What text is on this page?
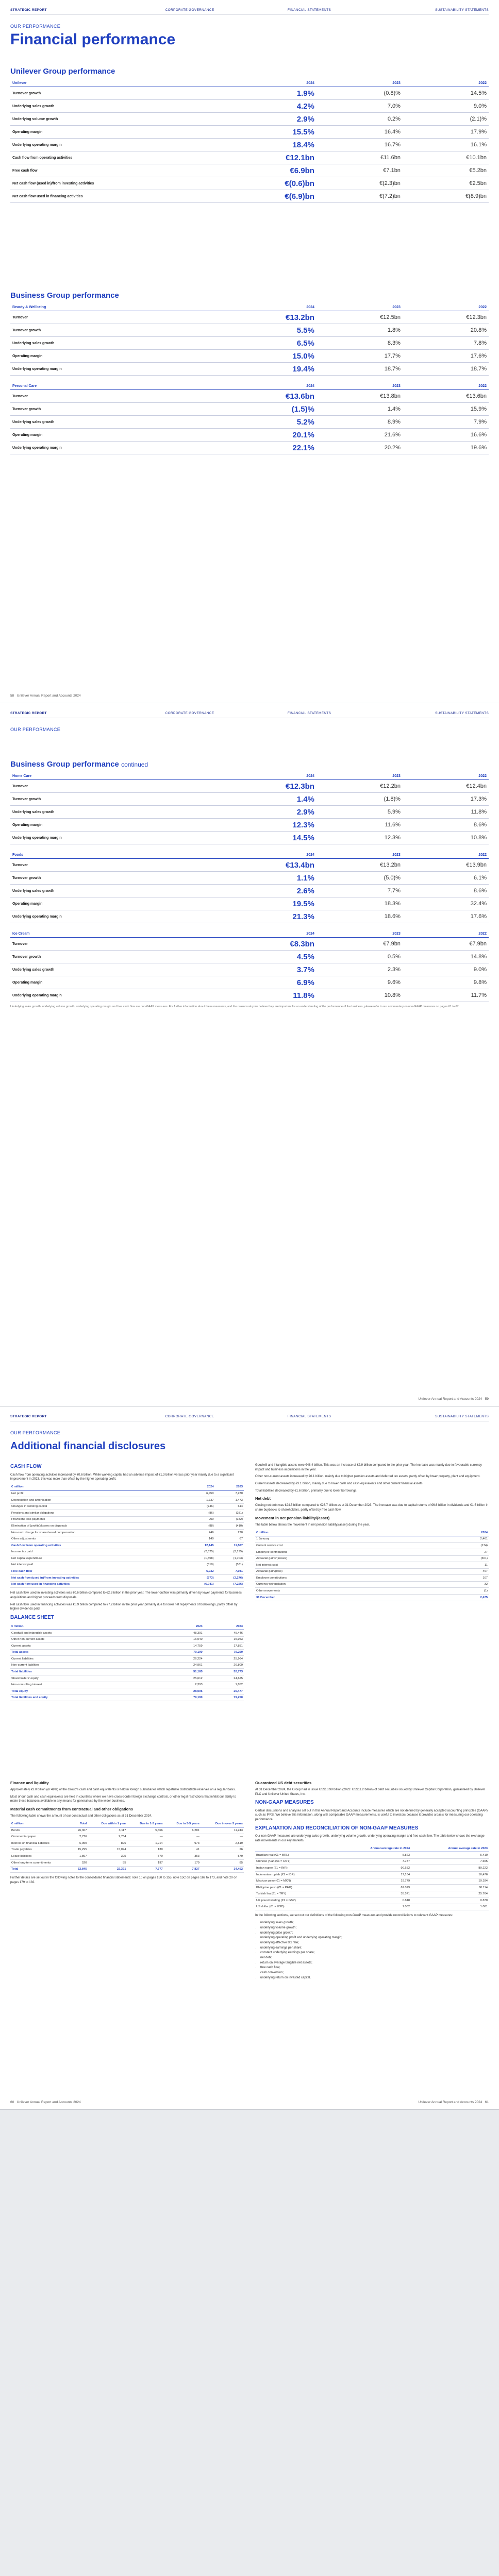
STRATEGIC REPORT	CORPORATE GOVERNANCE	FINANCIAL STATEMENTS	SUSTAINABILITY STATEMENTS
OUR PERFORMANCE
Financial performance
Unilever Group performance
Unilever	2024	2023	2022
Turnover growth	1.9%	(0.8)%	14.5%
Underlying sales growth	4.2%	7.0%	9.0%
Underlying volume growth	2.9%	0.2%	(2.1)%
Operating margin	15.5%	16.4%	17.9%
Underlying operating margin	18.4%	16.7%	16.1%
Cash flow from operating activities	€12.1bn	€11.6bn	€10.1bn
Free cash flow	€6.9bn	€7.1bn	€5.2bn
Net cash flow (used in)/from investing activities	€(0.6)bn	€(2.3)bn	€2.5bn
Net cash flow used in financing activities	€(6.9)bn	€(7.2)bn	€(8.9)bn
Business Group performance
Beauty & Wellbeing	2024	2023	2022
Turnover	€13.2bn	€12.5bn	€12.3bn
Turnover growth	5.5%	1.8%	20.8%
Underlying sales growth	6.5%	8.3%	7.8%
Operating margin	15.0%	17.7%	17.6%
Underlying operating margin	19.4%	18.7%	18.7%
Personal Care	2024	2023	2022
Turnover	€13.6bn	€13.8bn	€13.6bn
Turnover growth	(1.5)%	1.4%	15.9%
Underlying sales growth	5.2%	8.9%	7.9%
Operating margin	20.1%	21.6%	16.6%
Underlying operating margin	22.1%	20.2%	19.6%
58 Unilever Annual Report and Accounts 2024
STRATEGIC REPORT	CORPORATE GOVERNANCE	FINANCIAL STATEMENTS	SUSTAINABILITY STATEMENTS
OUR PERFORMANCE
Business Group performance continued
Home Care	2024	2023	2022
Turnover	€12.3bn	€12.2bn	€12.4bn
Turnover growth	1.4%	(1.8)%	17.3%
Underlying sales growth	2.9%	5.9%	11.8%
Operating margin	12.3%	11.6%	8.6%
Underlying operating margin	14.5%	12.3%	10.8%
Foods	2024	2023	2022
Turnover	€13.4bn	€13.2bn	€13.9bn
Turnover growth	1.1%	(5.0)%	6.1%
Underlying sales growth	2.6%	7.7%	8.6%
Operating margin	19.5%	18.3%	32.4%
Underlying operating margin	21.3%	18.6%	17.6%
Ice Cream	2024	2023	2022
Turnover	€8.3bn	€7.9bn	€7.9bn
Turnover growth	4.5%	0.5%	14.8%
Underlying sales growth	3.7%	2.3%	9.0%
Operating margin	6.9%	9.6%	9.8%
Underlying operating margin	11.8%	10.8%	11.7%
Underlying sales growth, underlying volume growth, underlying operating margin and free cash flow are non-GAAP measures. For further information about these measures, and the reasons why we believe they are important for an understanding of the performance of the business, please refer to our commentary on non-GAAP measures on pages 61 to 67.
Unilever Annual Report and Accounts 2024 59
STRATEGIC REPORT	CORPORATE GOVERNANCE	FINANCIAL STATEMENTS	SUSTAINABILITY STATEMENTS
OUR PERFORMANCE
Additional financial disclosures
CASH FLOW

Cash flow from operating activities increased by €0.6 billion. While working capital had an adverse impact of €1.3 billion versus prior year mainly due to a significant improvement in 2023, this was more than offset by the higher operating profit.

€ million	2024	2023
Net profit	6,450	7,230
Depreciation and amortisation	1,737	1,473
Changes in working capital	(746)	614
Pensions and similar obligations	(86)	(281)
Provisions less payments	200	(182)
Elimination of (profits)/losses on disposals	(88)	(410)
Non-cash charge for share-based compensation	246	270
Other adjustments	140	67
Cash flow from operating activities	12,145	11,567
Income tax paid	(2,625)	(2,195)
Net capital expenditure	(1,358)	(1,703)
Net interest paid	(610)	(531)
Free cash flow	6,932	7,081
Net cash flow (used in)/from investing activities	(573)	(2,276)
Net cash flow used in financing activities	(6,941)	(7,226)

Net cash flow used in investing activities was €0.6 billion compared to €2.3 billion in the prior year. The lower outflow was primarily driven by lower payments for business acquisitions and higher proceeds from disposals.

Net cash flow used in financing activities was €6.9 billion compared to €7.2 billion in the prior year primarily due to lower net repayments of borrowings, partly offset by higher dividends paid.

BALANCE SHEET
€ million	2024	2023
Goodwill and intangible assets	48,391	45,446
Other non-current assets	16,040	15,953
Current assets	14,759	17,851
Total assets	79,190	79,250
Current liabilities	26,224	25,964
Non-current liabilities	24,961	26,809
Total liabilities	51,185	52,773
Shareholders' equity	25,612	24,625
Non-controlling interest	2,393	1,852
Total equity	28,005	26,477
Total liabilities and equity	79,190	79,250

Goodwill and intangible assets were €48.4 billion. This was an increase of €2.9 billion compared to the prior year. The increase was mainly due to favourable currency impact and business acquisitions in the year.

Other non-current assets increased by €0.1 billion, mainly due to higher pension assets and deferred tax assets, partly offset by lower property, plant and equipment.

Current assets decreased by €3.1 billion, mainly due to lower cash and cash equivalents and other current financial assets.

Total liabilities decreased by €1.6 billion, primarily due to lower borrowings.

Net debt

Closing net debt was €24.5 billion compared to €23.7 billion as at 31 December 2023. The increase was due to capital returns of €6.6 billion in dividends and €1.5 billion in share buybacks to shareholders, partly offset by free cash flow.

Movement in net pension liability/(asset)

The table below shows the movement in net pension liability/(asset) during the year.

€ million	2024
1 January	2,461
Current service cost	(174)
Employee contributions	27
Actuarial gains/(losses)	(301)
Net interest cost	11
Actuarial gain/(loss)	467
Employer contributions	107
Currency retranslation	32
Other movements	(1)
31 December	2,475
Finance and liquidity

Approximately €3.0 billion (or 49%) of the Group's cash and cash equivalents is held in foreign subsidiaries which repatriate distributable reserves on a regular basis.

Most of our cash and cash equivalents are held in countries where we have cross-border foreign exchange controls, or other legal restrictions that inhibit our ability to make these balances available in any means for general use by the wider business.

Material cash commitments from contractual and other obligations

The following table shows the amount of our contractual and other obligations as at 31 December 2024.

€ million	Total	Due within 1 year	Due in 1-3 years	Due in 3-5 years	Due in over 5 years
Bonds	26,307	3,117	5,666	6,281	11,243
Commercial paper	2,776	2,764	—	—	—
Interest on financial liabilities	6,050	896	1,214	973	2,519
Trade payables	15,295	15,094	130	41	26
Lease liabilities	1,897	395	570	353	579
Other long-term commitments	520	55	197	179	85
Total	52,845	22,321	7,777	7,827	14,452

Further details are set out in the following notes to the consolidated financial statements: note 10 on pages 150 to 155, note 15C on pages 169 to 173, and note 20 on pages 179 to 182.

Guaranteed US debt securities

At 31 December 2024, the Group had in issue US$10.99 billion (2023: US$11.2 billion) of debt securities issued by Unilever Capital Corporation, guaranteed by Unilever PLC and Unilever United States, Inc.

NON-GAAP MEASURES

Certain discussions and analyses set out in this Annual Report and Accounts include measures which are not defined by generally accepted accounting principles (GAAP) such as IFRS. We believe this information, along with comparable GAAP measurements, is useful to investors because it provides a basis for measuring our operating performance.

EXPLANATION AND RECONCILIATION OF NON-GAAP MEASURES

Our non-GAAP measures are underlying sales growth, underlying volume growth, underlying operating margin and free cash flow. The table below shows the exchange rate movements in our key markets.

	Annual average rate in 2024	Annual average rate in 2023
Brazilian real (€1 = BRL)	5.823	5.410
Chinese yuan (€1 = CNY)	7.787	7.655
Indian rupee (€1 = INR)	90.652	89.222
Indonesian rupiah (€1 = IDR)	17,164	16,476
Mexican peso (€1 = MXN)	19.779	19.184
Philippine peso (€1 = PHP)	62.029	60.114
Turkish lira (€1 = TRY)	35.571	25.764
UK pound sterling (€1 = GBP)	0.848	0.870
US dollar (€1 = USD)	1.082	1.081

In the following sections, we set out our definitions of the following non-GAAP measures and provide reconciliations to relevant GAAP measures:

• underlying sales growth;
• underlying volume growth;
• underlying price growth;
• underlying operating profit and underlying operating margin;
• underlying effective tax rate;
• underlying earnings per share;
• constant underlying earnings per share;
• net debt;
• return on average tangible net assets;
• free cash flow;
• cash conversion;
• underlying return on invested capital.
60 Unilever Annual Report and Accounts 2024	Unilever Annual Report and Accounts 2024 61
